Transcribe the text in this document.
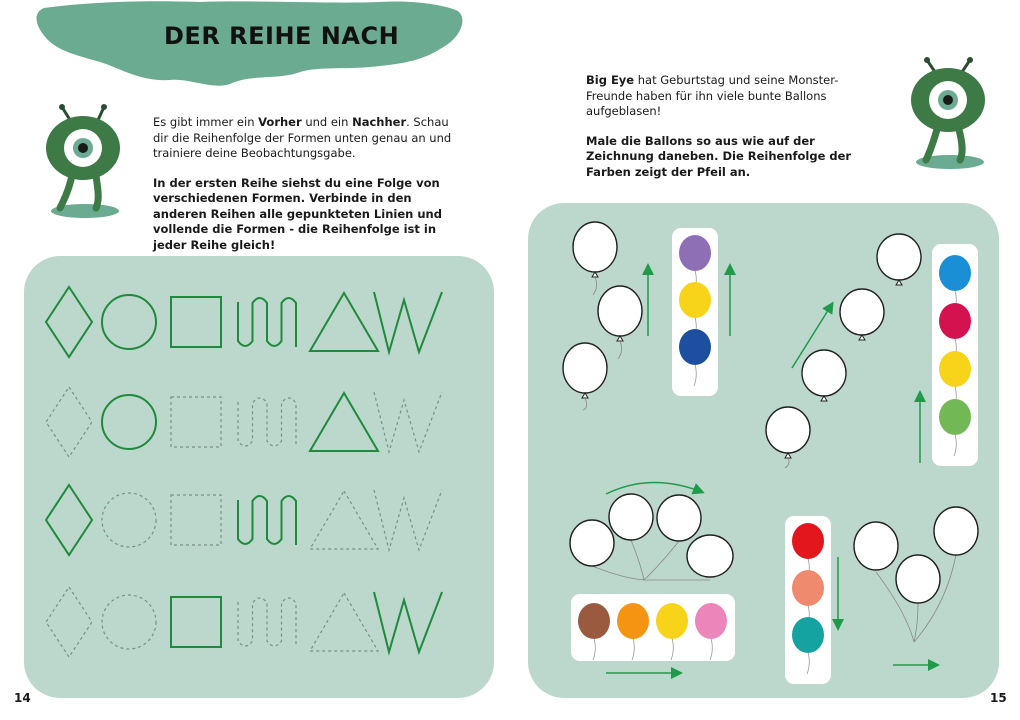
DER REIHE NACH

Es gibt immer ein Vorher und ein Nachher. Schau dir die Reihenfolge der Formen unten genau an und trainiere deine Beobachtungsgabe.

In der ersten Reihe siehst du eine Folge von verschiedenen Formen. Verbinde in den anderen Reihen alle gepunkteten Linien und vollende die Formen - die Reihenfolge ist in jeder Reihe gleich!

Big Eye hat Geburtstag und seine Monster-Freunde haben für ihn viele bunte Ballons aufgeblasen!

Male die Ballons so aus wie auf der Zeichnung daneben. Die Reihenfolge der Farben zeigt der Pfeil an.

14	15
